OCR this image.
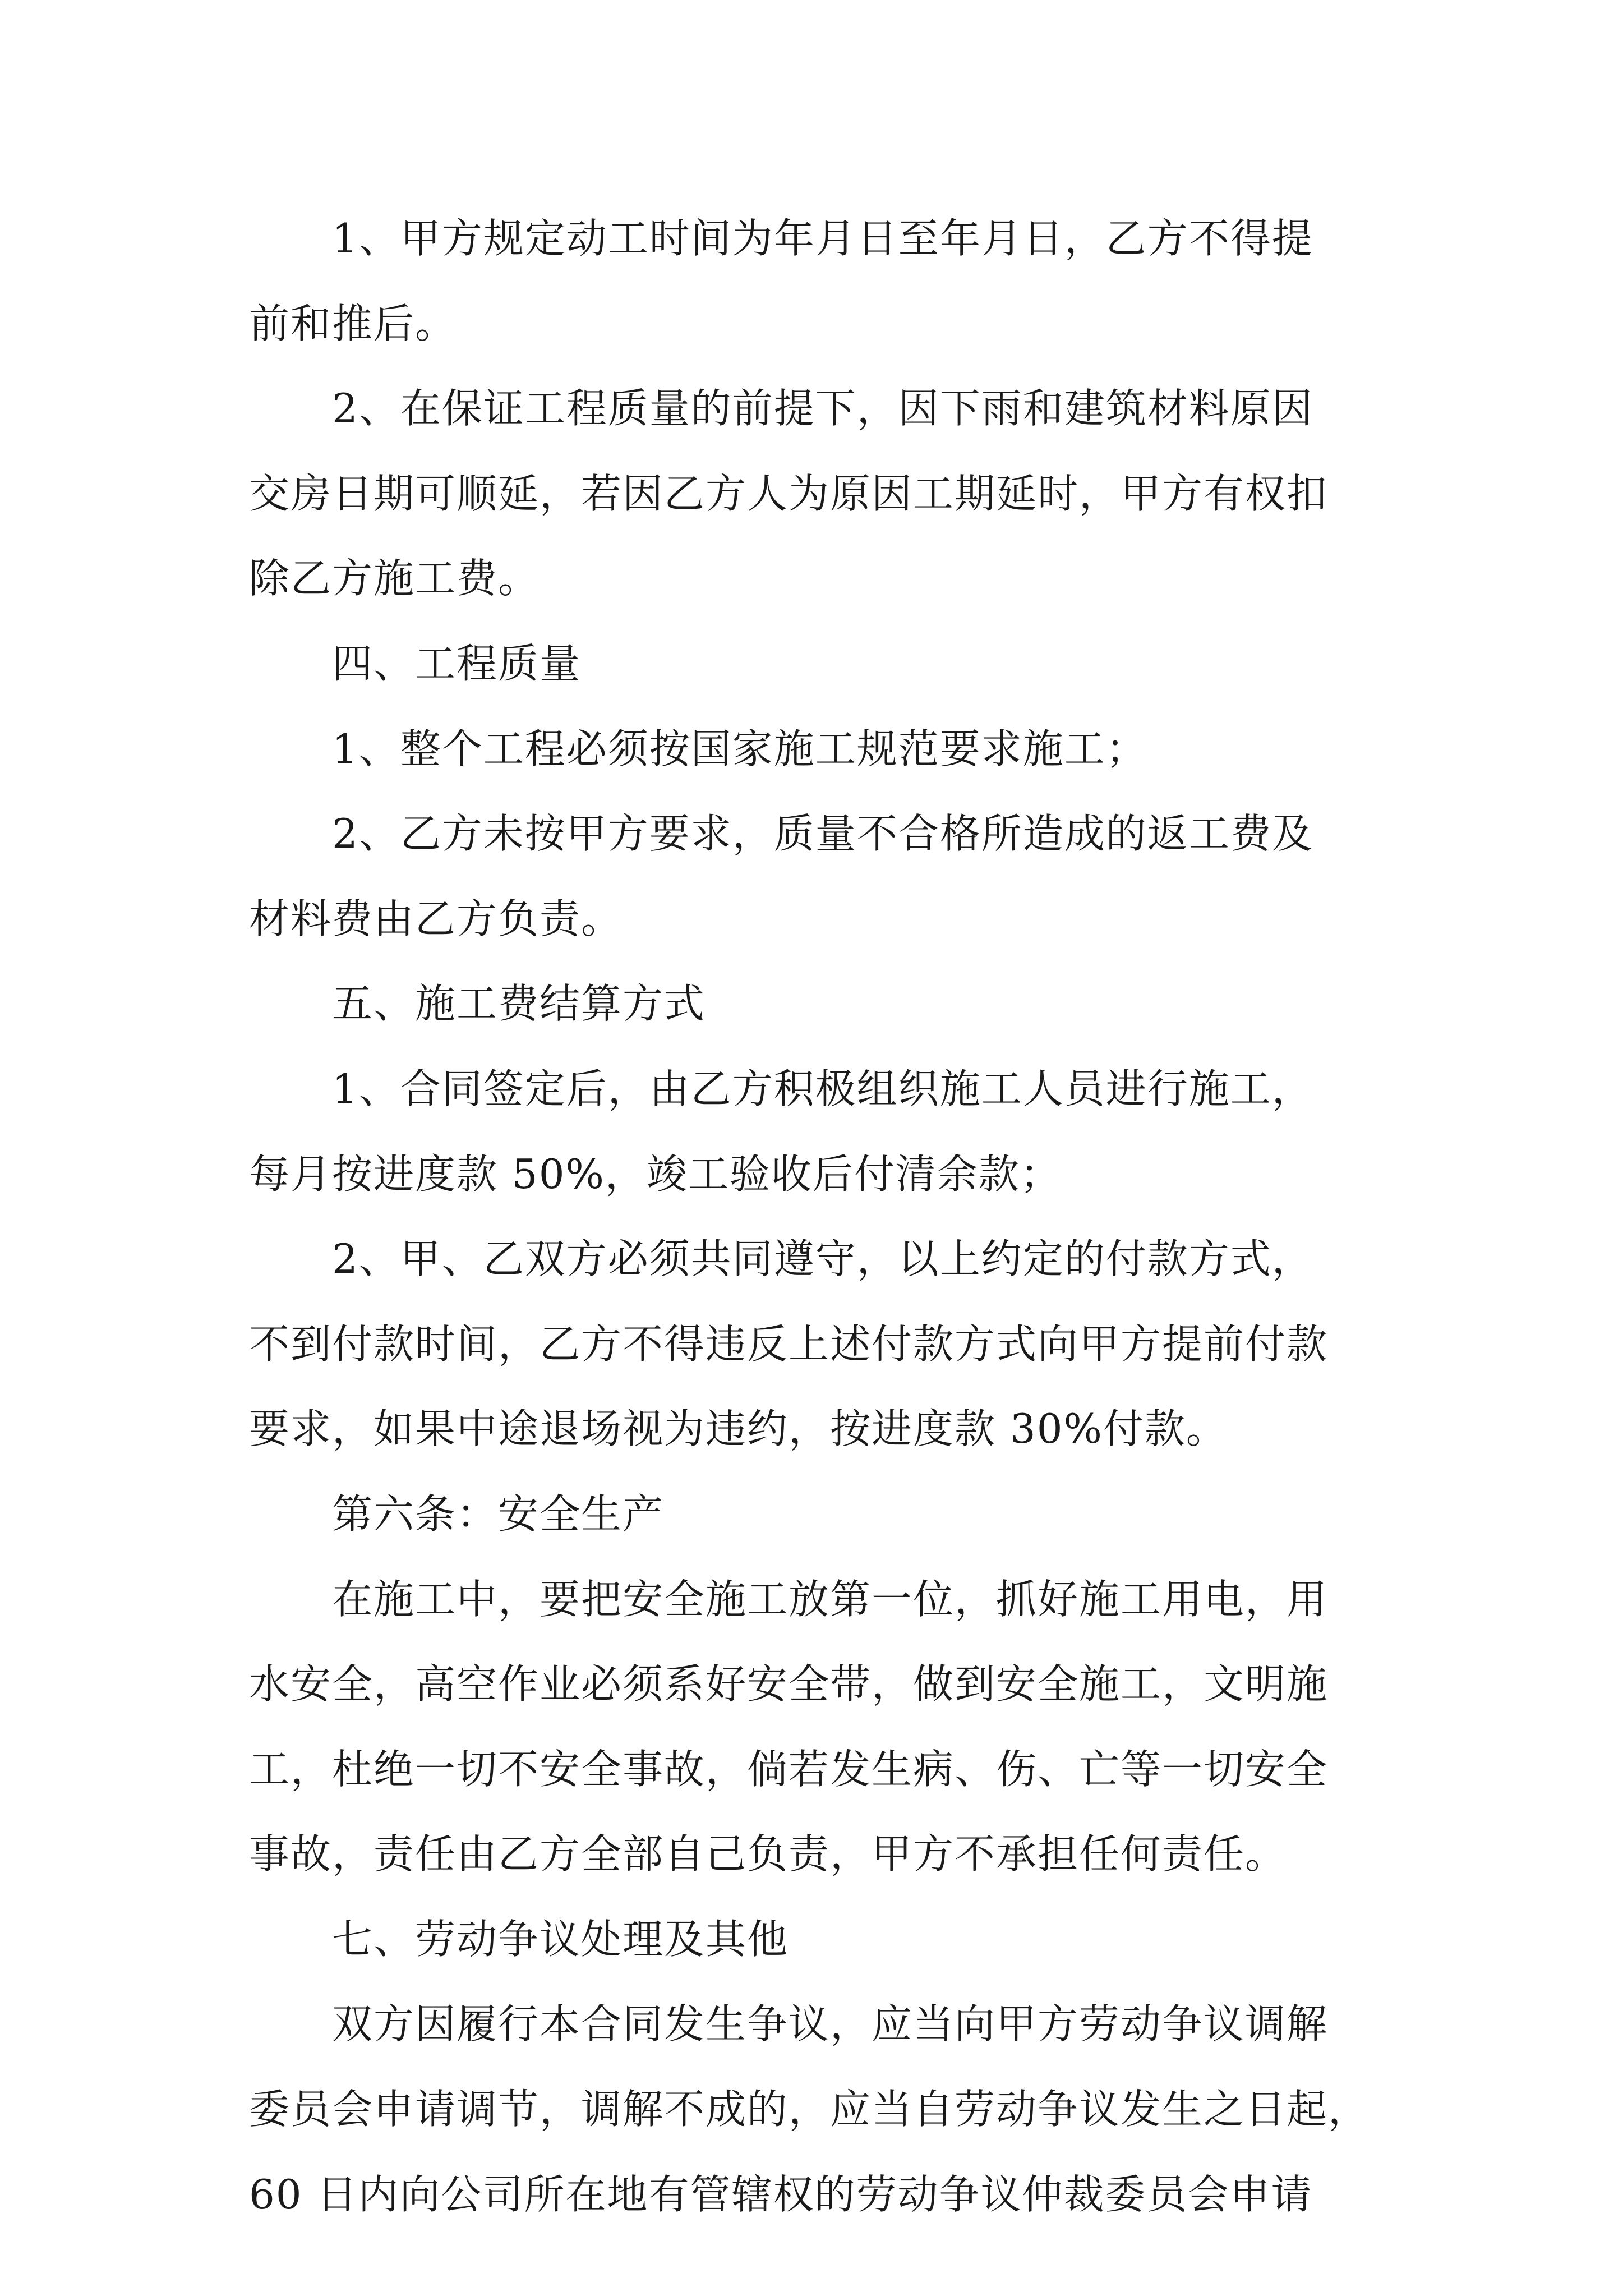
1、甲方规定动工时间为年月日至年月日，乙方不得提
前和推后。
2、在保证工程质量的前提下，因下雨和建筑材料原因
交房日期可顺延，若因乙方人为原因工期延时，甲方有权扣
除乙方施工费。
四、工程质量
1、整个工程必须按国家施工规范要求施工；
2、乙方未按甲方要求，质量不合格所造成的返工费及
材料费由乙方负责。
五、施工费结算方式
1、合同签定后，由乙方积极组织施工人员进行施工，
每月按进度款 50%，竣工验收后付清余款；
2、甲、乙双方必须共同遵守，以上约定的付款方式，
不到付款时间，乙方不得违反上述付款方式向甲方提前付款
要求，如果中途退场视为违约，按进度款 30%付款。
第六条：安全生产
在施工中，要把安全施工放第一位，抓好施工用电，用
水安全，高空作业必须系好安全带，做到安全施工，文明施
工，杜绝一切不安全事故，倘若发生病、伤、亡等一切安全
事故，责任由乙方全部自己负责，甲方不承担任何责任。
七、劳动争议处理及其他
双方因履行本合同发生争议，应当向甲方劳动争议调解
委员会申请调节，调解不成的，应当自劳动争议发生之日起，
60 日内向公司所在地有管辖权的劳动争议仲裁委员会申请
